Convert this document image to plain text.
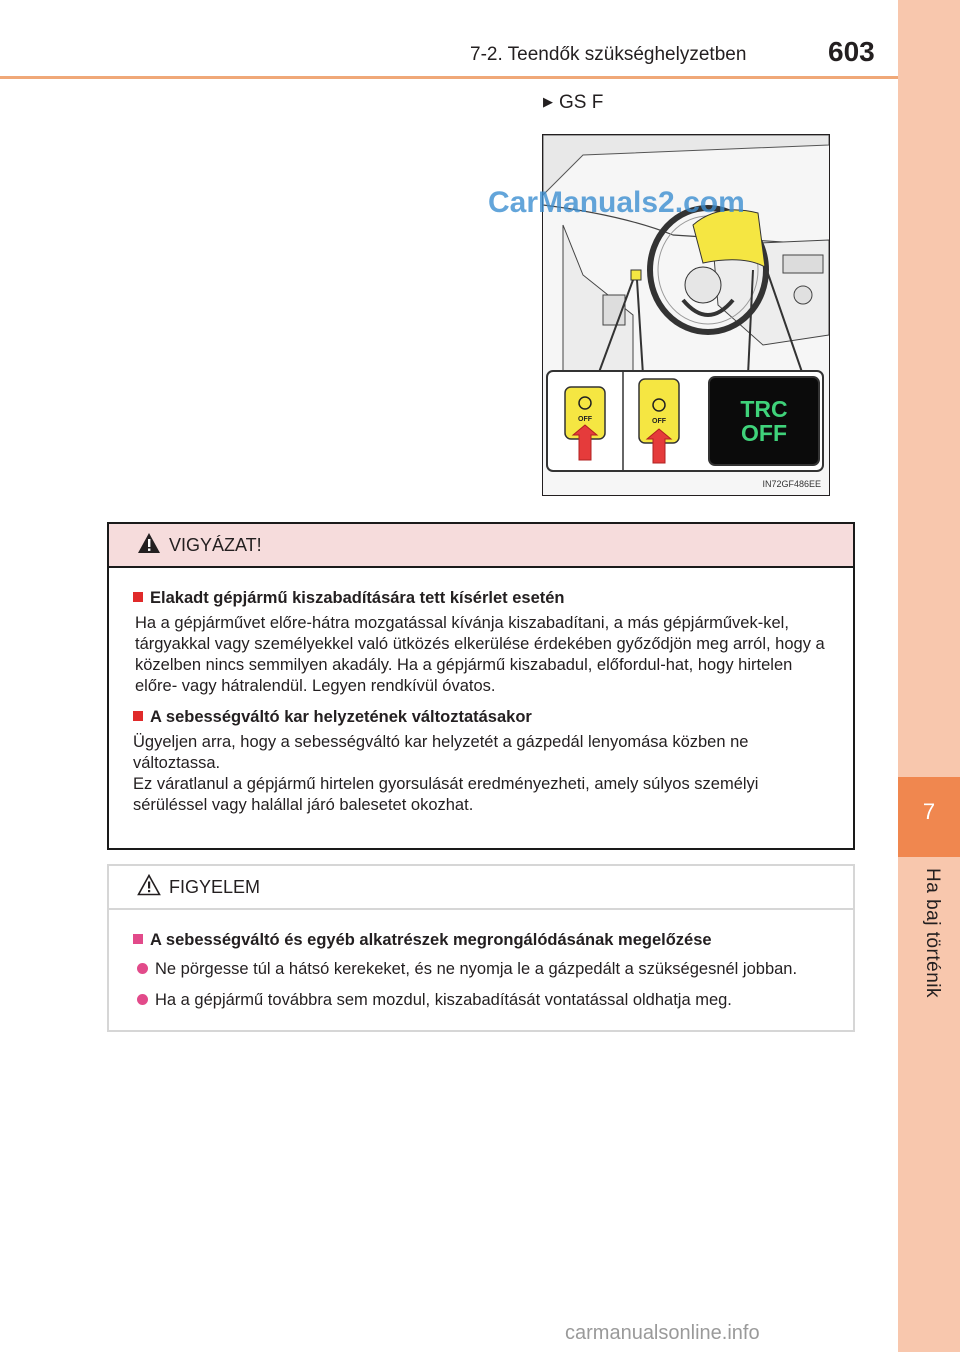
7-2. Teendők szükséghelyzetben	603
7
Ha baj történik
▶ GS F
OFF	OFF	TRC
OFF
IN72GF486EE
CarManuals2.com
VIGYÁZAT!
Elakadt gépjármű kiszabadítására tett kísérlet esetén
Ha a gépjárművet előre-hátra mozgatással kívánja kiszabadítani, a más gépjárművek-kel, tárgyakkal vagy személyekkel való ütközés elkerülése érdekében győződjön meg arról, hogy a közelben nincs semmilyen akadály. Ha a gépjármű kiszabadul, előfordul-hat, hogy hirtelen előre- vagy hátralendül. Legyen rendkívül óvatos.
A sebességváltó kar helyzetének változtatásakor
Ügyeljen arra, hogy a sebességváltó kar helyzetét a gázpedál lenyomása közben ne változtassa.
Ez váratlanul a gépjármű hirtelen gyorsulását eredményezheti, amely súlyos személyi sérüléssel vagy halállal járó balesetet okozhat.
FIGYELEM
A sebességváltó és egyéb alkatrészek megrongálódásának megelőzése
Ne pörgesse túl a hátsó kerekeket, és ne nyomja le a gázpedált a szükségesnél jobban.
Ha a gépjármű továbbra sem mozdul, kiszabadítását vontatással oldhatja meg.
carmanualsonline.info
